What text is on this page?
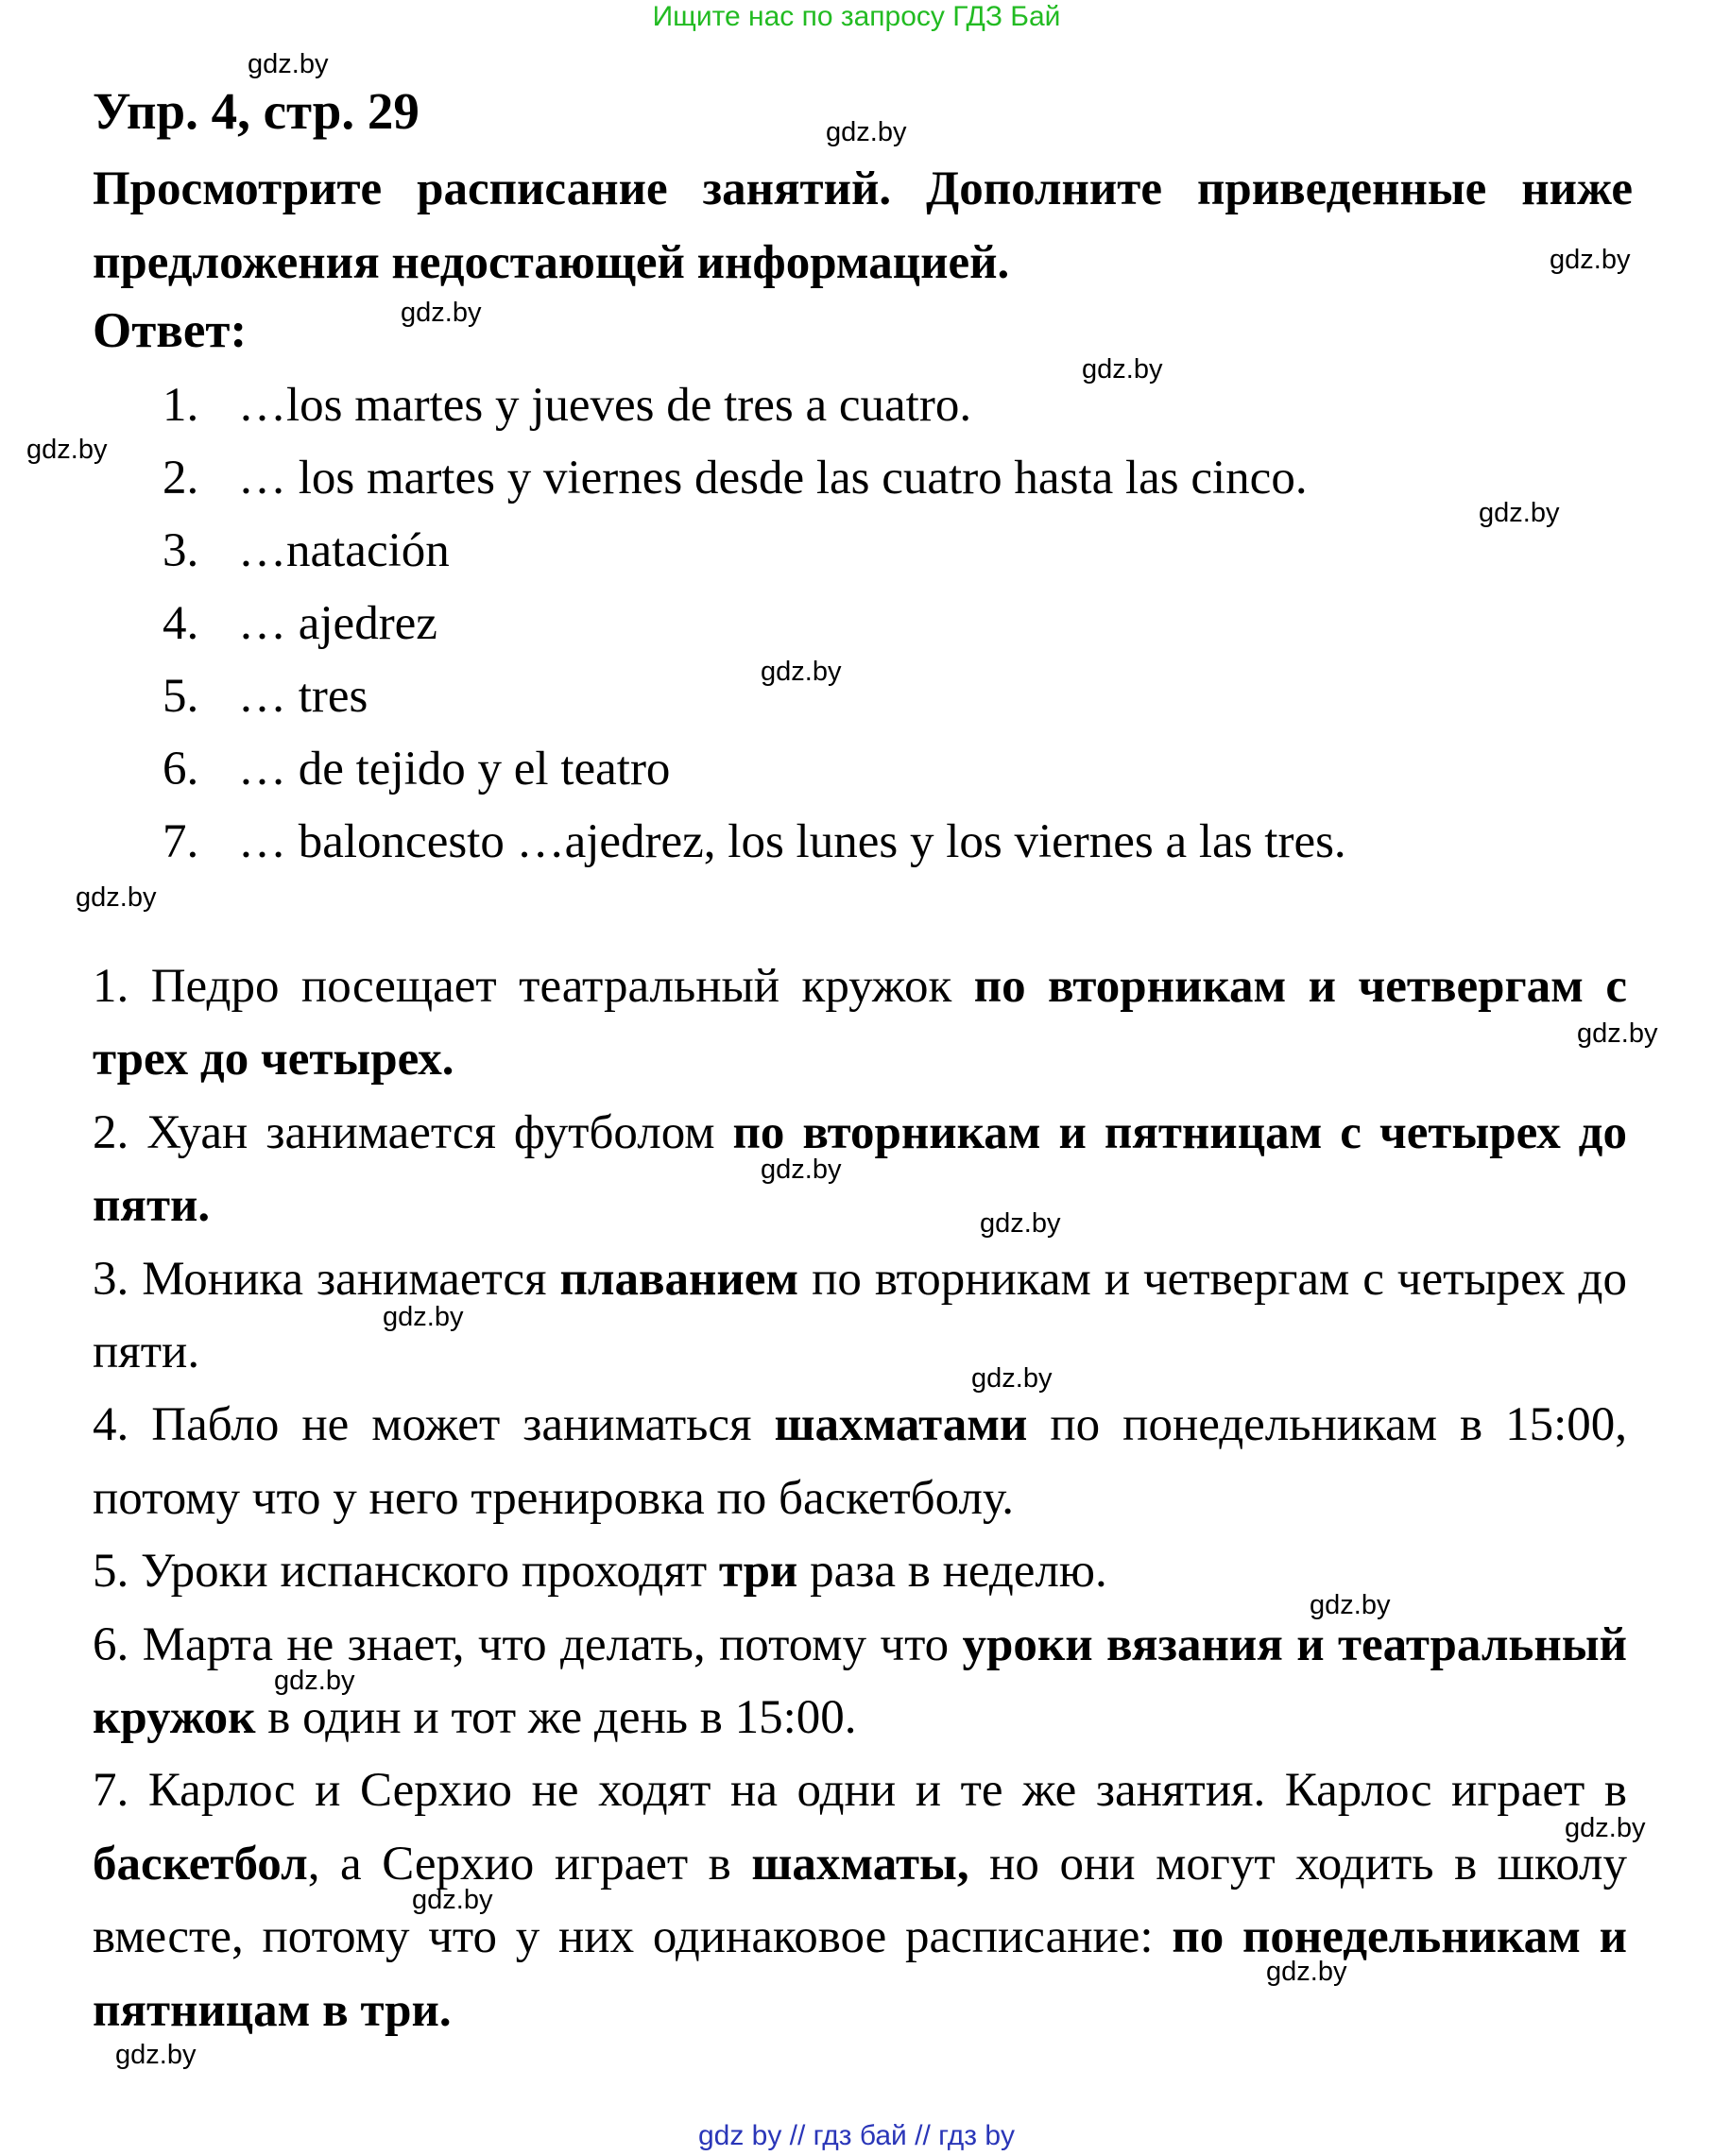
Ищите нас по запросу ГДЗ Бай
Упр. 4, стр. 29
Просмотрите расписание занятий. Дополните приведенные ниже предложения недостающей информацией.
Ответ:
1. …los martes y jueves de tres a cuatro.
2. … los martes y viernes desde las cuatro hasta las cinco.
3. …natación
4. … ajedrez
5. … tres
6. … de tejido y el teatro
7. … baloncesto …ajedrez, los lunes y los viernes a las tres.

1. Педро посещает театральный кружок по вторникам и четвергам с трех до четырех.

2. Хуан занимается футболом по вторникам и пятницам с четырех до пяти.

3. Моника занимается плаванием по вторникам и четвергам с четырех до пяти.

4. Пабло не может заниматься шахматами по понедельникам в 15:00, потому что у него тренировка по баскетболу.

5. Уроки испанского проходят три раза в неделю.

6. Марта не знает, что делать, потому что уроки вязания и театральный кружок в один и тот же день в 15:00.

7. Карлос и Серхио не ходят на одни и те же занятия. Карлос играет в баскетбол, а Серхио играет в шахматы, но они могут ходить в школу вместе, потому что у них одинаковое расписание: по понедельникам и пятницам в три.

gdz.by
gdz.by
gdz.by
gdz.by
gdz.by
gdz.by
gdz.by
gdz.by
gdz.by
gdz.by
gdz.by
gdz.by
gdz.by
gdz.by
gdz.by
gdz.by
gdz.by
gdz.by
gdz.by
gdz.by
gdz by // гдз бай // гдз by
